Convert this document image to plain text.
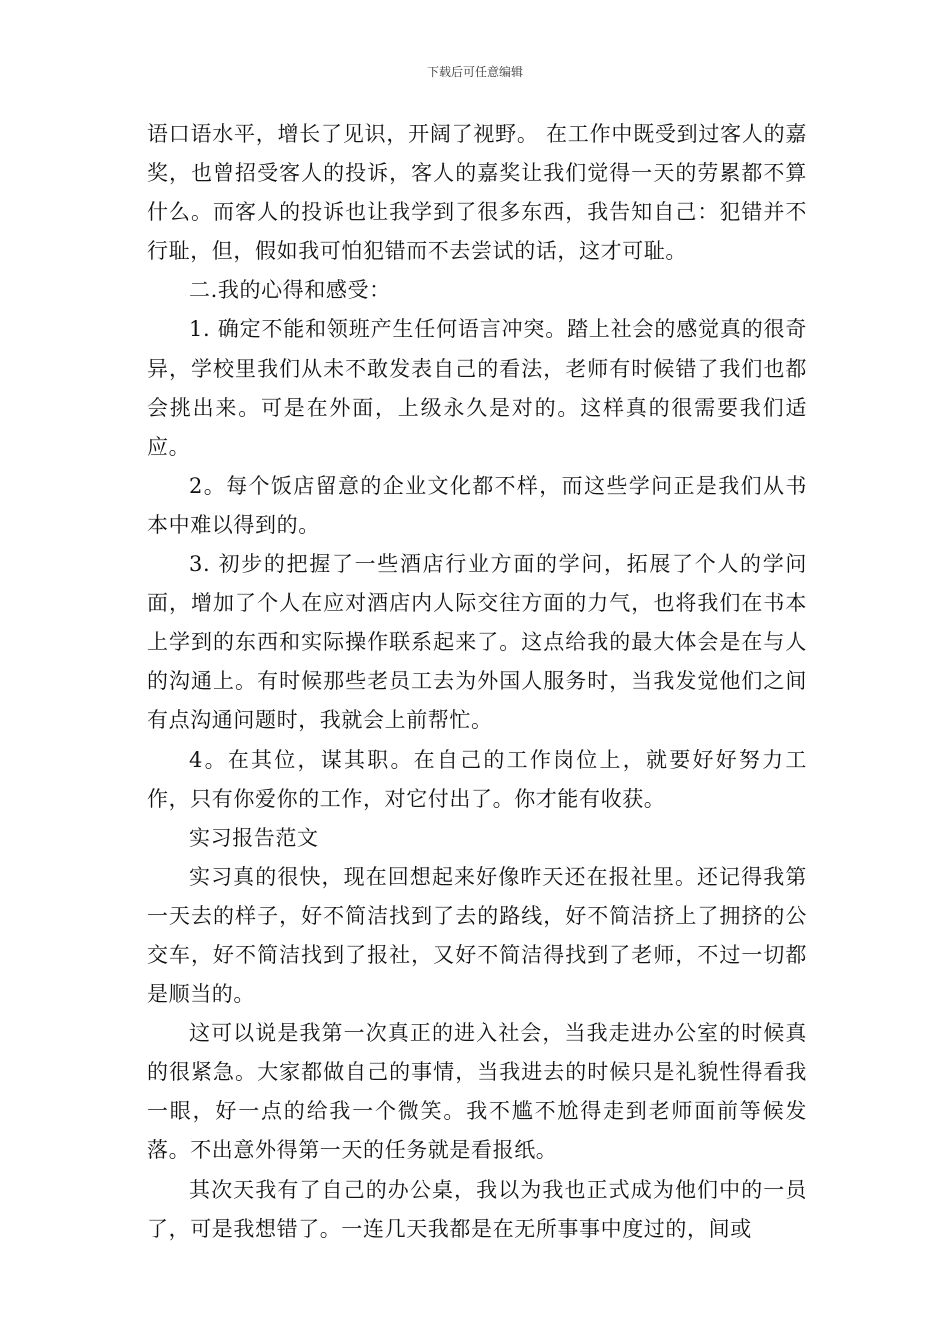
下载后可任意编辑

语口语水平，增长了见识，开阔了视野。 在工作中既受到过客人的嘉奖，也曾招受客人的投诉，客人的嘉奖让我们觉得一天的劳累都不算什么。而客人的投诉也让我学到了很多东西，我告知自己：犯错并不行耻，但，假如我可怕犯错而不去尝试的话，这才可耻。

二.我的心得和感受：

1. 确定不能和领班产生任何语言冲突。踏上社会的感觉真的很奇异，学校里我们从未不敢发表自己的看法，老师有时候错了我们也都会挑出来。可是在外面，上级永久是对的。这样真的很需要我们适应。

2。每个饭店留意的企业文化都不样，而这些学问正是我们从书本中难以得到的。

3. 初步的把握了一些酒店行业方面的学问，拓展了个人的学问面，增加了个人在应对酒店内人际交往方面的力气，也将我们在书本上学到的东西和实际操作联系起来了。这点给我的最大体会是在与人的沟通上。有时候那些老员工去为外国人服务时，当我发觉他们之间有点沟通问题时，我就会上前帮忙。

4。在其位，谋其职。在自己的工作岗位上，就要好好努力工作，只有你爱你的工作，对它付出了。你才能有收获。

实习报告范文

实习真的很快，现在回想起来好像昨天还在报社里。还记得我第一天去的样子，好不简洁找到了去的路线，好不简洁挤上了拥挤的公交车，好不简洁找到了报社，又好不简洁得找到了老师，不过一切都是顺当的。

这可以说是我第一次真正的进入社会，当我走进办公室的时候真的很紧急。大家都做自己的事情，当我进去的时候只是礼貌性得看我一眼，好一点的给我一个微笑。我不尴不尬得走到老师面前等候发落。不出意外得第一天的任务就是看报纸。

其次天我有了自己的办公桌，我以为我也正式成为他们中的一员了，可是我想错了。一连几天我都是在无所事事中度过的，间或
